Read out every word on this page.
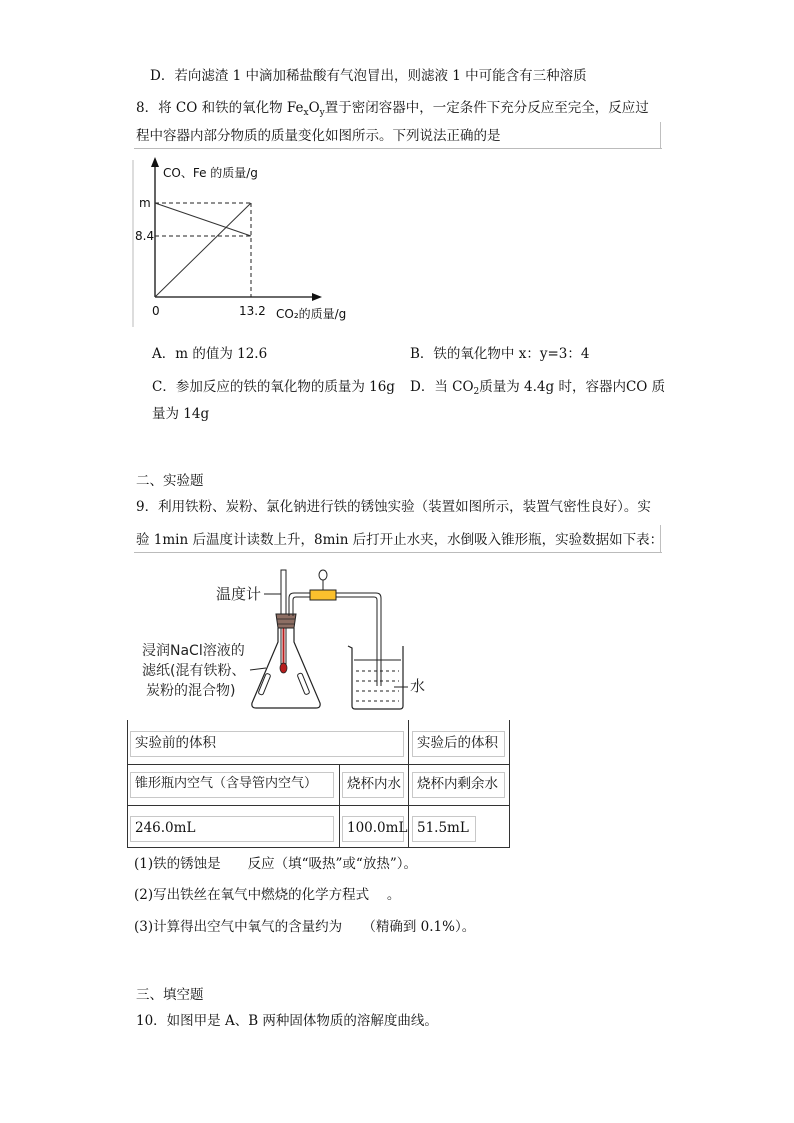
D．若向滤渣 1 中滴加稀盐酸有气泡冒出，则滤液 1 中可能含有三种溶质
8．将 CO 和铁的氧化物 $Fe_xO_y$置于密闭容器中，一定条件下充分反应至完全，反应过
程中容器内部分物质的质量变化如图所示。下列说法正确的是
CO、Fe 的质量/g
m
8.4
0	13.2 CO₂的质量/g
A．m 的值为 12.6	B．铁的氧化物中 x：y=3：4
C．参加反应的铁的氧化物的质量为 16g D．当 $CO_2$质量为 4.4g 时，容器内CO 质
量为 14g
二、实验题
9．利用铁粉、炭粉、氯化钠进行铁的锈蚀实验（装置如图所示，装置气密性良好）。实
验 1min 后温度计读数上升，8min 后打开止水夹，水倒吸入锥形瓶，实验数据如下表：
温度计
浸润NaCl溶液的
滤纸(混有铁粉、
炭粉的混合物)	水
实验前的体积	实验后的体积
锥形瓶内空气（含导管内空气）	烧杯内水	烧杯内剩余水
246.0mL	100.0mL 51.5mL
(1)铁的锈蚀是　　反应（填“吸热”或“放热”）。
(2)写出铁丝在氧气中燃烧的化学方程式　 。
(3)计算得出空气中氧气的含量约为　　（精确到 0.1%）。
三、填空题
10．如图甲是 A、B 两种固体物质的溶解度曲线。
